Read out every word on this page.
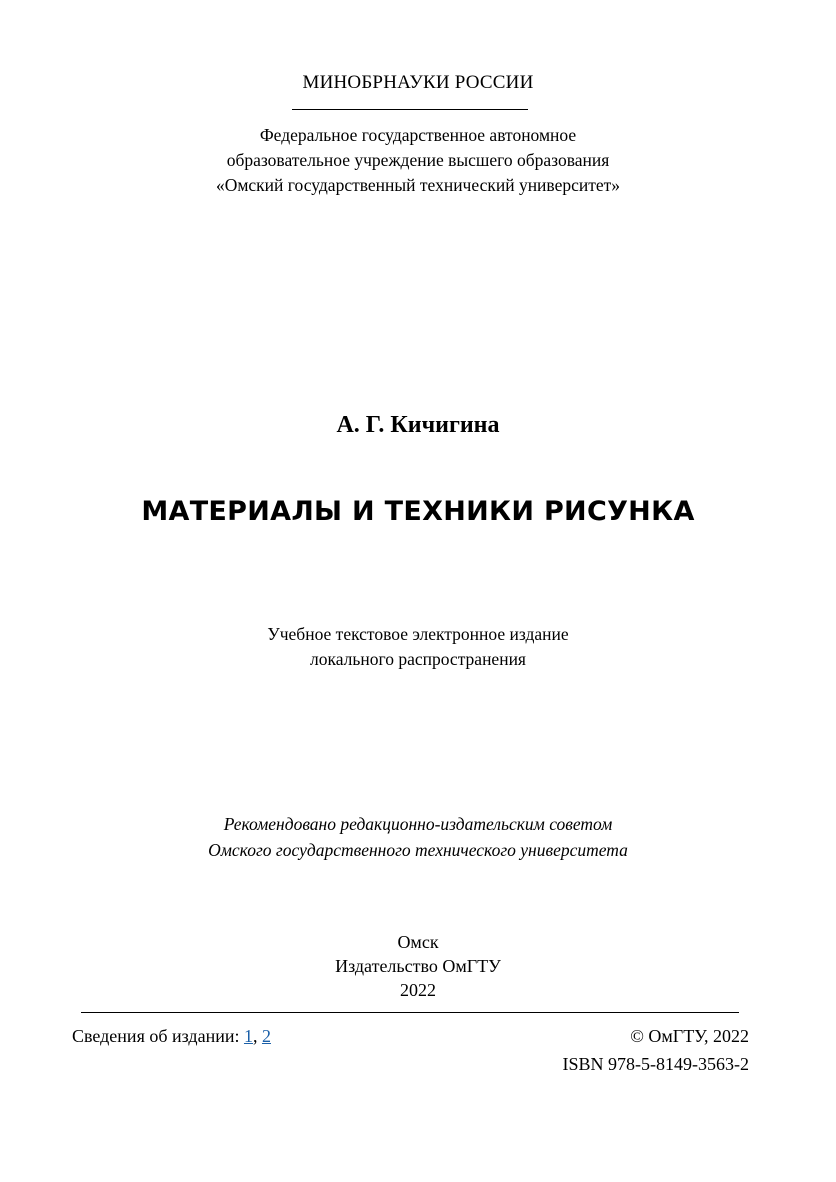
МИНОБРНАУКИ РОССИИ
Федеральное государственное автономное
образовательное учреждение высшего образования
«Омский государственный технический университет»
А. Г. Кичигина
МАТЕРИАЛЫ И ТЕХНИКИ РИСУНКА
Учебное текстовое электронное издание
локального распространения
Рекомендовано редакционно-издательским советом
Омского государственного технического университета
Омск
Издательство ОмГТУ
2022
Сведения об издании: 1, 2	© ОмГТУ, 2022
ISBN 978-5-8149-3563-2
